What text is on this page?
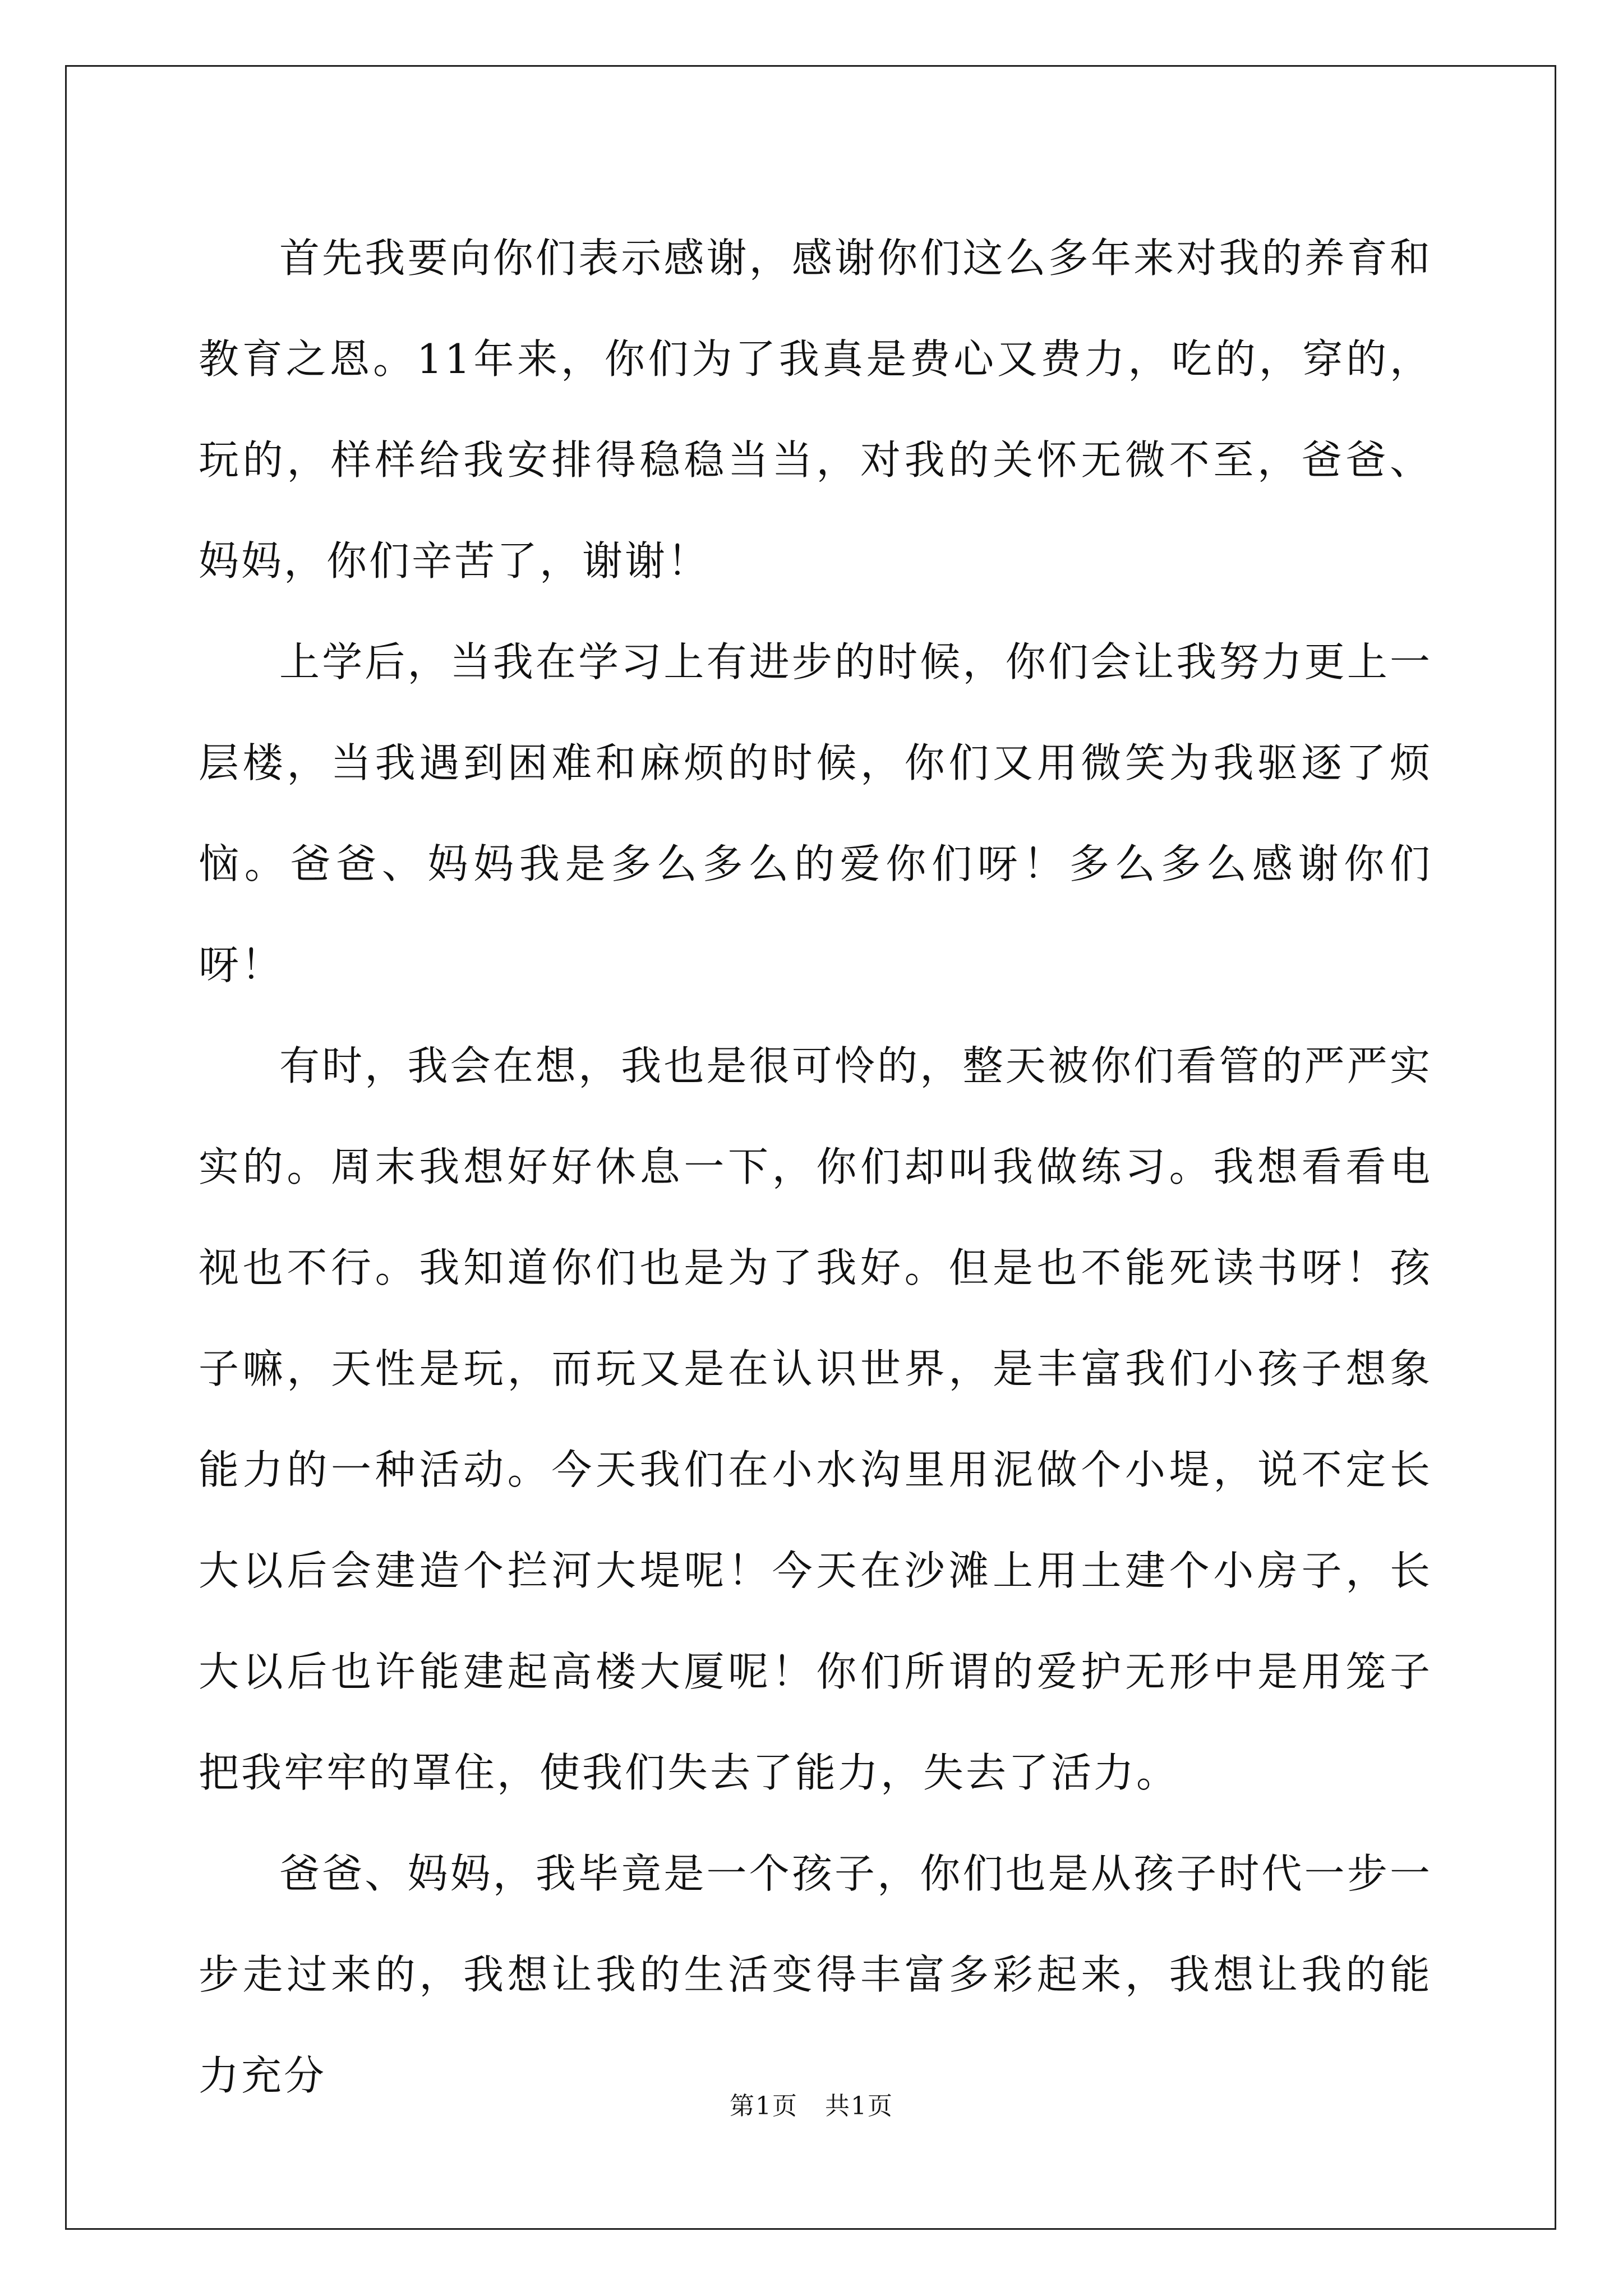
首先我要向你们表示感谢，感谢你们这么多年来对我的养育和教育之恩。11年来，你们为了我真是费心又费力，吃的，穿的，玩的，样样给我安排得稳稳当当，对我的关怀无微不至，爸爸、妈妈，你们辛苦了，谢谢！

上学后，当我在学习上有进步的时候，你们会让我努力更上一层楼，当我遇到困难和麻烦的时候，你们又用微笑为我驱逐了烦恼。爸爸、妈妈我是多么多么的爱你们呀！多么多么感谢你们呀！

有时，我会在想，我也是很可怜的，整天被你们看管的严严实实的。周末我想好好休息一下，你们却叫我做练习。我想看看电视也不行。我知道你们也是为了我好。但是也不能死读书呀！孩子嘛，天性是玩，而玩又是在认识世界，是丰富我们小孩子想象能力的一种活动。今天我们在小水沟里用泥做个小堤，说不定长大以后会建造个拦河大堤呢！今天在沙滩上用土建个小房子，长大以后也许能建起高楼大厦呢！你们所谓的爱护无形中是用笼子把我牢牢的罩住，使我们失去了能力，失去了活力。

爸爸、妈妈，我毕竟是一个孩子，你们也是从孩子时代一步一步走过来的，我想让我的生活变得丰富多彩起来，我想让我的能力充分

第1页 共1页
